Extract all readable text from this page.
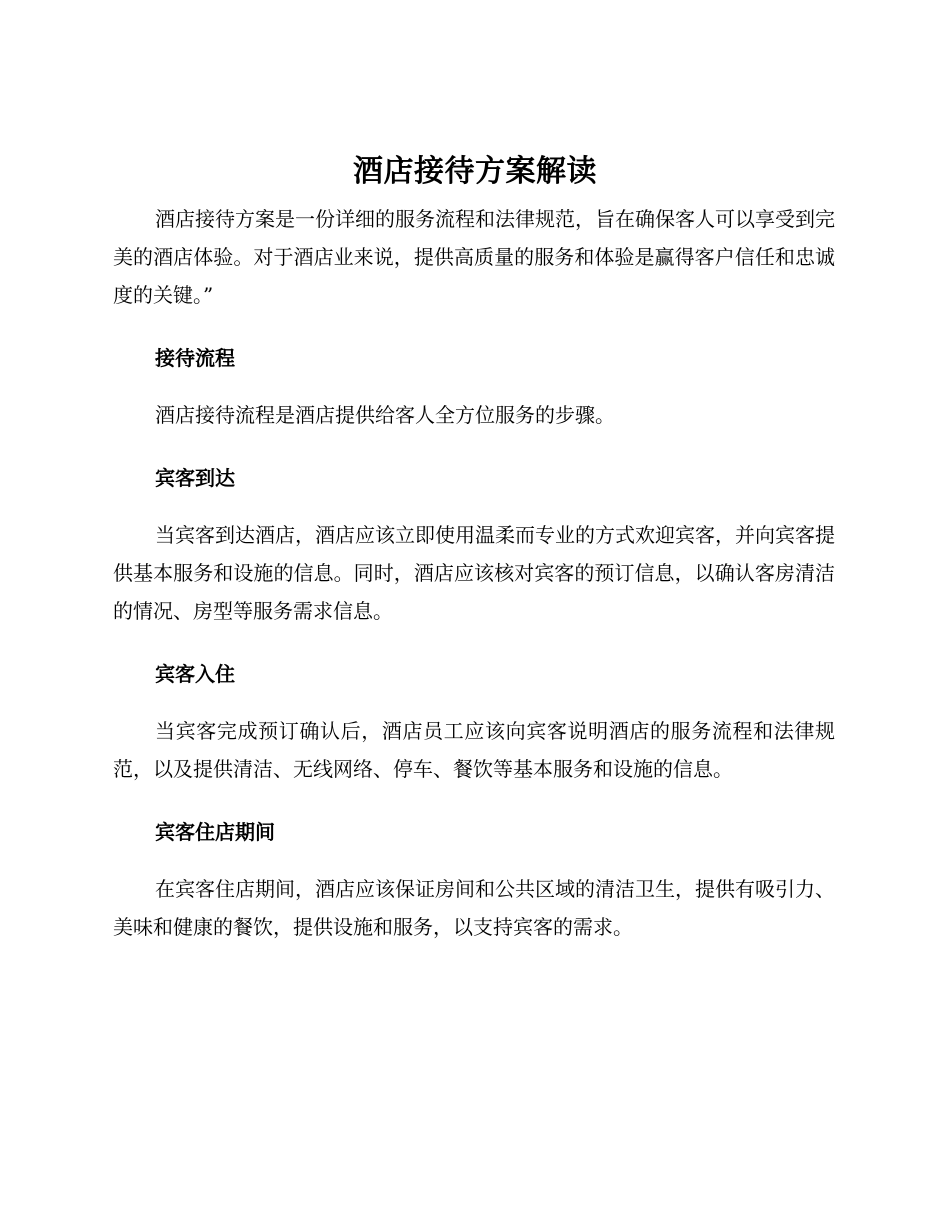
酒店接待方案解读

酒店接待方案是一份详细的服务流程和法律规范，旨在确保客人可以享受到完美的酒店体验。对于酒店业来说，提供高质量的服务和体验是赢得客户信任和忠诚度的关键。”

接待流程

酒店接待流程是酒店提供给客人全方位服务的步骤。

宾客到达

当宾客到达酒店，酒店应该立即使用温柔而专业的方式欢迎宾客，并向宾客提供基本服务和设施的信息。同时，酒店应该核对宾客的预订信息，以确认客房清洁的情况、房型等服务需求信息。

宾客入住

当宾客完成预订确认后，酒店员工应该向宾客说明酒店的服务流程和法律规范，以及提供清洁、无线网络、停车、餐饮等基本服务和设施的信息。

宾客住店期间

在宾客住店期间，酒店应该保证房间和公共区域的清洁卫生，提供有吸引力、美味和健康的餐饮，提供设施和服务，以支持宾客的需求。
